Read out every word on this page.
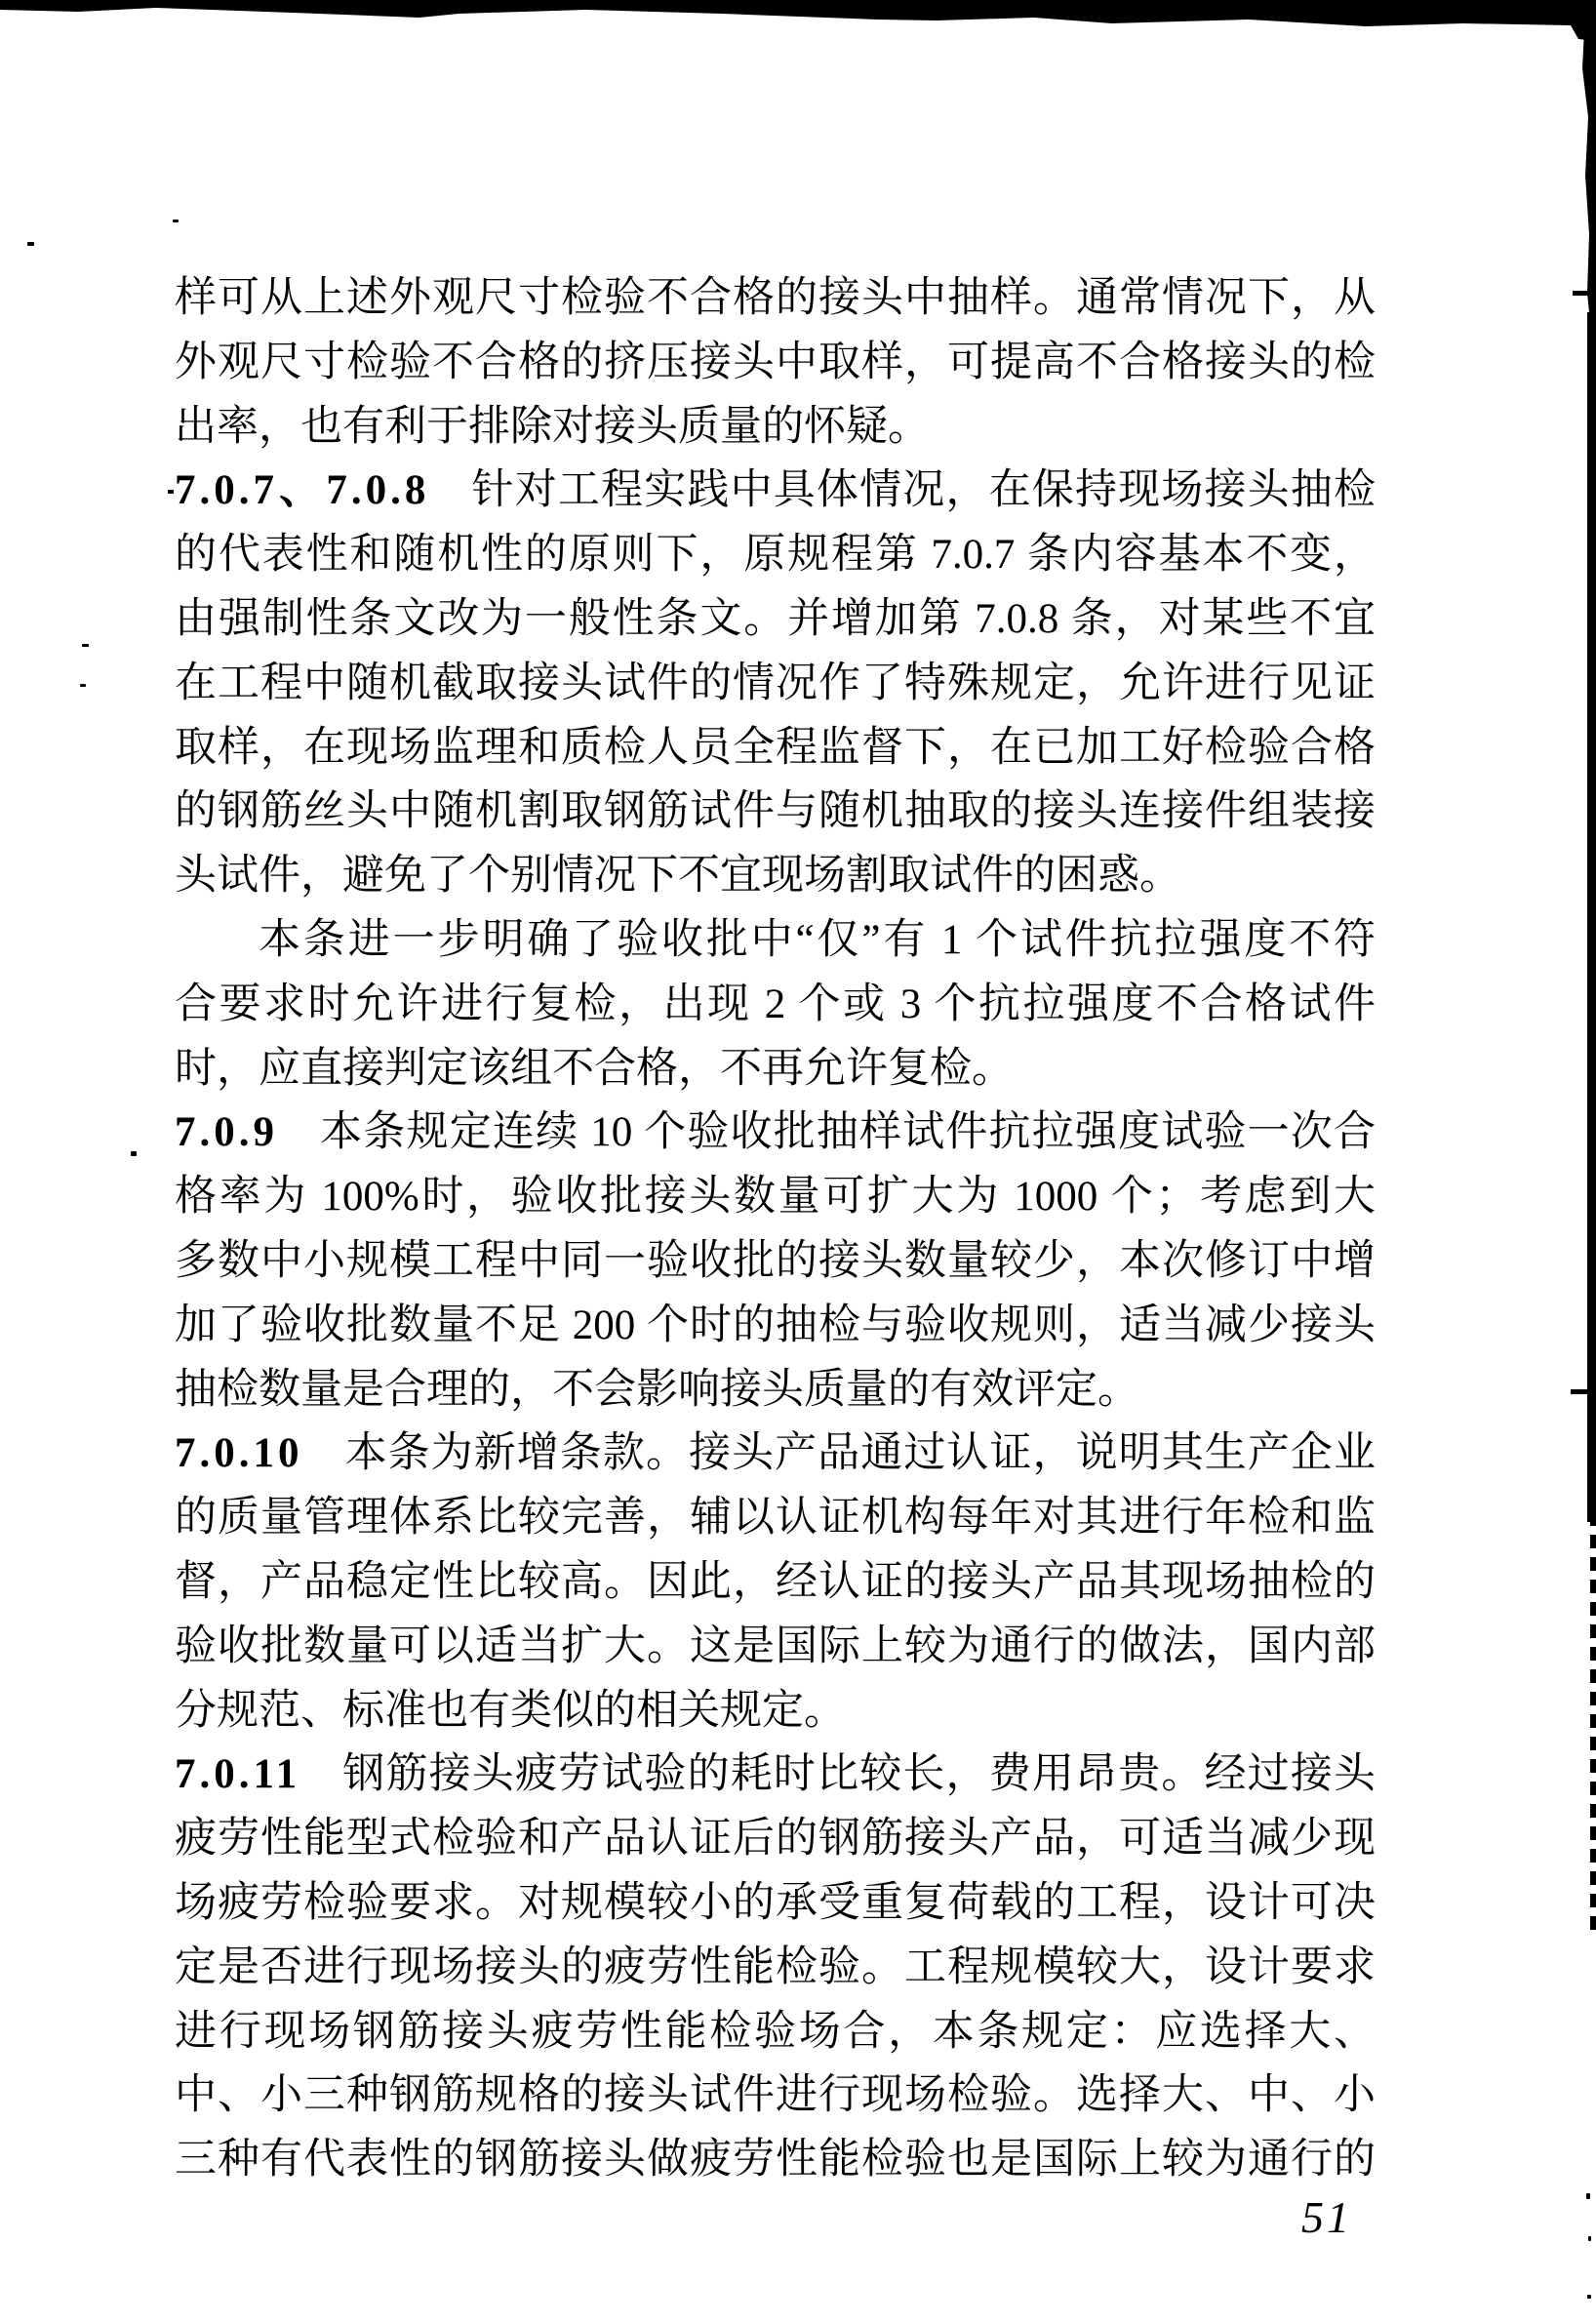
样可从上述外观尺寸检验不合格的接头中抽样。通常情况下，从
外观尺寸检验不合格的挤压接头中取样，可提高不合格接头的检
出率，也有利于排除对接头质量的怀疑。
7.0.7、7.0.8 针对工程实践中具体情况，在保持现场接头抽检
的代表性和随机性的原则下，原规程第 7.0.7 条内容基本不变，
由强制性条文改为一般性条文。并增加第 7.0.8 条，对某些不宜
在工程中随机截取接头试件的情况作了特殊规定，允许进行见证
取样，在现场监理和质检人员全程监督下，在已加工好检验合格
的钢筋丝头中随机割取钢筋试件与随机抽取的接头连接件组装接
头试件，避免了个别情况下不宜现场割取试件的困惑。
本条进一步明确了验收批中“仅”有 1 个试件抗拉强度不符
合要求时允许进行复检，出现 2 个或 3 个抗拉强度不合格试件
时，应直接判定该组不合格，不再允许复检。
7.0.9 本条规定连续 10 个验收批抽样试件抗拉强度试验一次合
格率为 100%时，验收批接头数量可扩大为 1000 个；考虑到大
多数中小规模工程中同一验收批的接头数量较少，本次修订中增
加了验收批数量不足 200 个时的抽检与验收规则，适当减少接头
抽检数量是合理的，不会影响接头质量的有效评定。
7.0.10 本条为新增条款。接头产品通过认证，说明其生产企业
的质量管理体系比较完善，辅以认证机构每年对其进行年检和监
督，产品稳定性比较高。因此，经认证的接头产品其现场抽检的
验收批数量可以适当扩大。这是国际上较为通行的做法，国内部
分规范、标准也有类似的相关规定。
7.0.11 钢筋接头疲劳试验的耗时比较长，费用昂贵。经过接头
疲劳性能型式检验和产品认证后的钢筋接头产品，可适当减少现
场疲劳检验要求。对规模较小的承受重复荷载的工程，设计可决
定是否进行现场接头的疲劳性能检验。工程规模较大，设计要求
进行现场钢筋接头疲劳性能检验场合，本条规定：应选择大、
中、小三种钢筋规格的接头试件进行现场检验。选择大、中、小
三种有代表性的钢筋接头做疲劳性能检验也是国际上较为通行的
51
